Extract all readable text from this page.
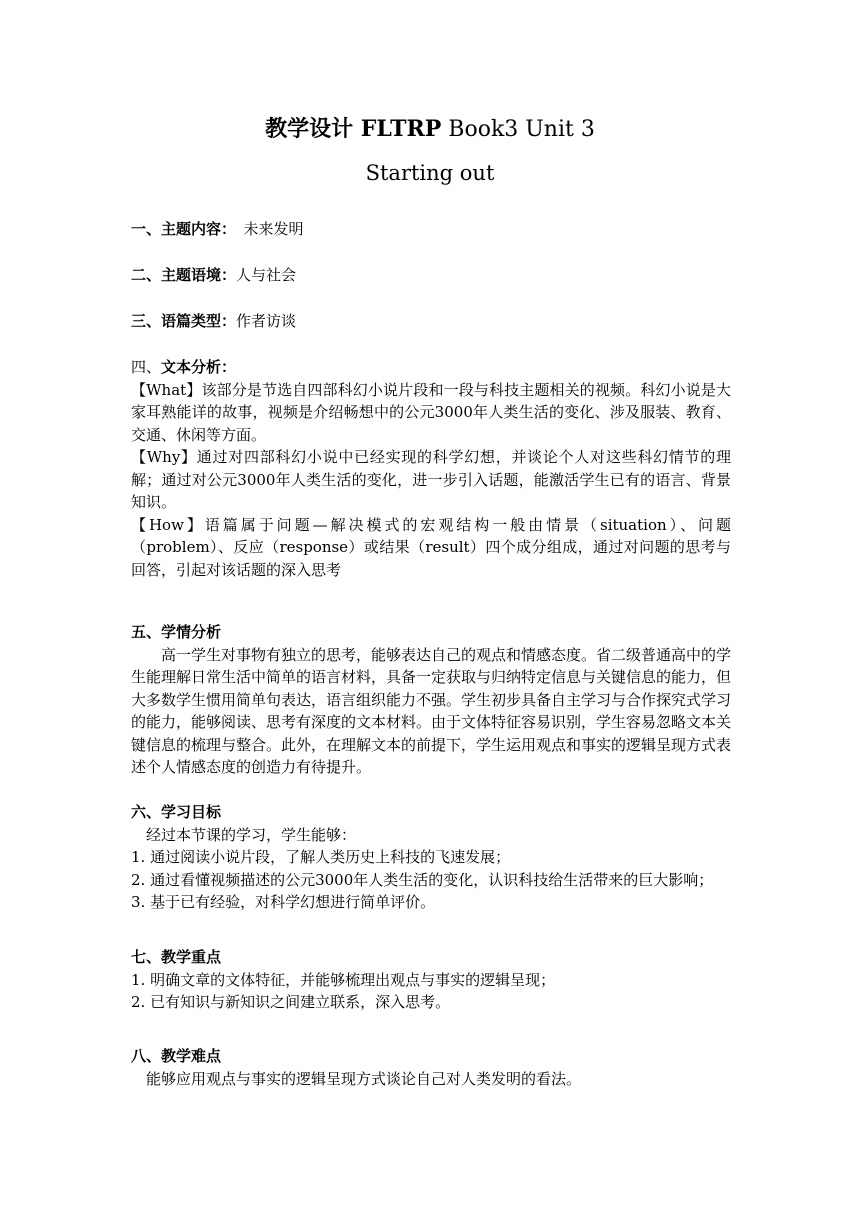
教学设计 FLTRP Book3 Unit 3
Starting out
一、主题内容：　未来发明
二、主题语境：人与社会
三、语篇类型：作者访谈

四、文本分析：

【What】该部分是节选自四部科幻小说片段和一段与科技主题相关的视频。科幻小说是大家耳熟能详的故事，视频是介绍畅想中的公元3000年人类生活的变化、涉及服装、教育、交通、休闲等方面。

【Why】通过对四部科幻小说中已经实现的科学幻想，并谈论个人对这些科幻情节的理解；通过对公元3000年人类生活的变化，进一步引入话题，能激活学生已有的语言、背景知识。

【How】语篇属于问题—解决模式的宏观结构一般由情景（situation）、问题（problem）、反应（response）或结果（result）四个成分组成，通过对问题的思考与回答，引起对该话题的深入思考

五、学情分析

高一学生对事物有独立的思考，能够表达自己的观点和情感态度。省二级普通高中的学生能理解日常生活中简单的语言材料，具备一定获取与归纳特定信息与关键信息的能力，但大多数学生惯用简单句表达，语言组织能力不强。学生初步具备自主学习与合作探究式学习的能力，能够阅读、思考有深度的文本材料。由于文体特征容易识别，学生容易忽略文本关键信息的梳理与整合。此外，在理解文本的前提下，学生运用观点和事实的逻辑呈现方式表述个人情感态度的创造力有待提升。

六、学习目标

经过本节课的学习，学生能够：

1. 通过阅读小说片段，了解人类历史上科技的飞速发展；

2. 通过看懂视频描述的公元3000年人类生活的变化，认识科技给生活带来的巨大影响；

3. 基于已有经验，对科学幻想进行简单评价。

七、教学重点

1. 明确文章的文体特征，并能够梳理出观点与事实的逻辑呈现；

2. 已有知识与新知识之间建立联系，深入思考。

八、教学难点

能够应用观点与事实的逻辑呈现方式谈论自己对人类发明的看法。
